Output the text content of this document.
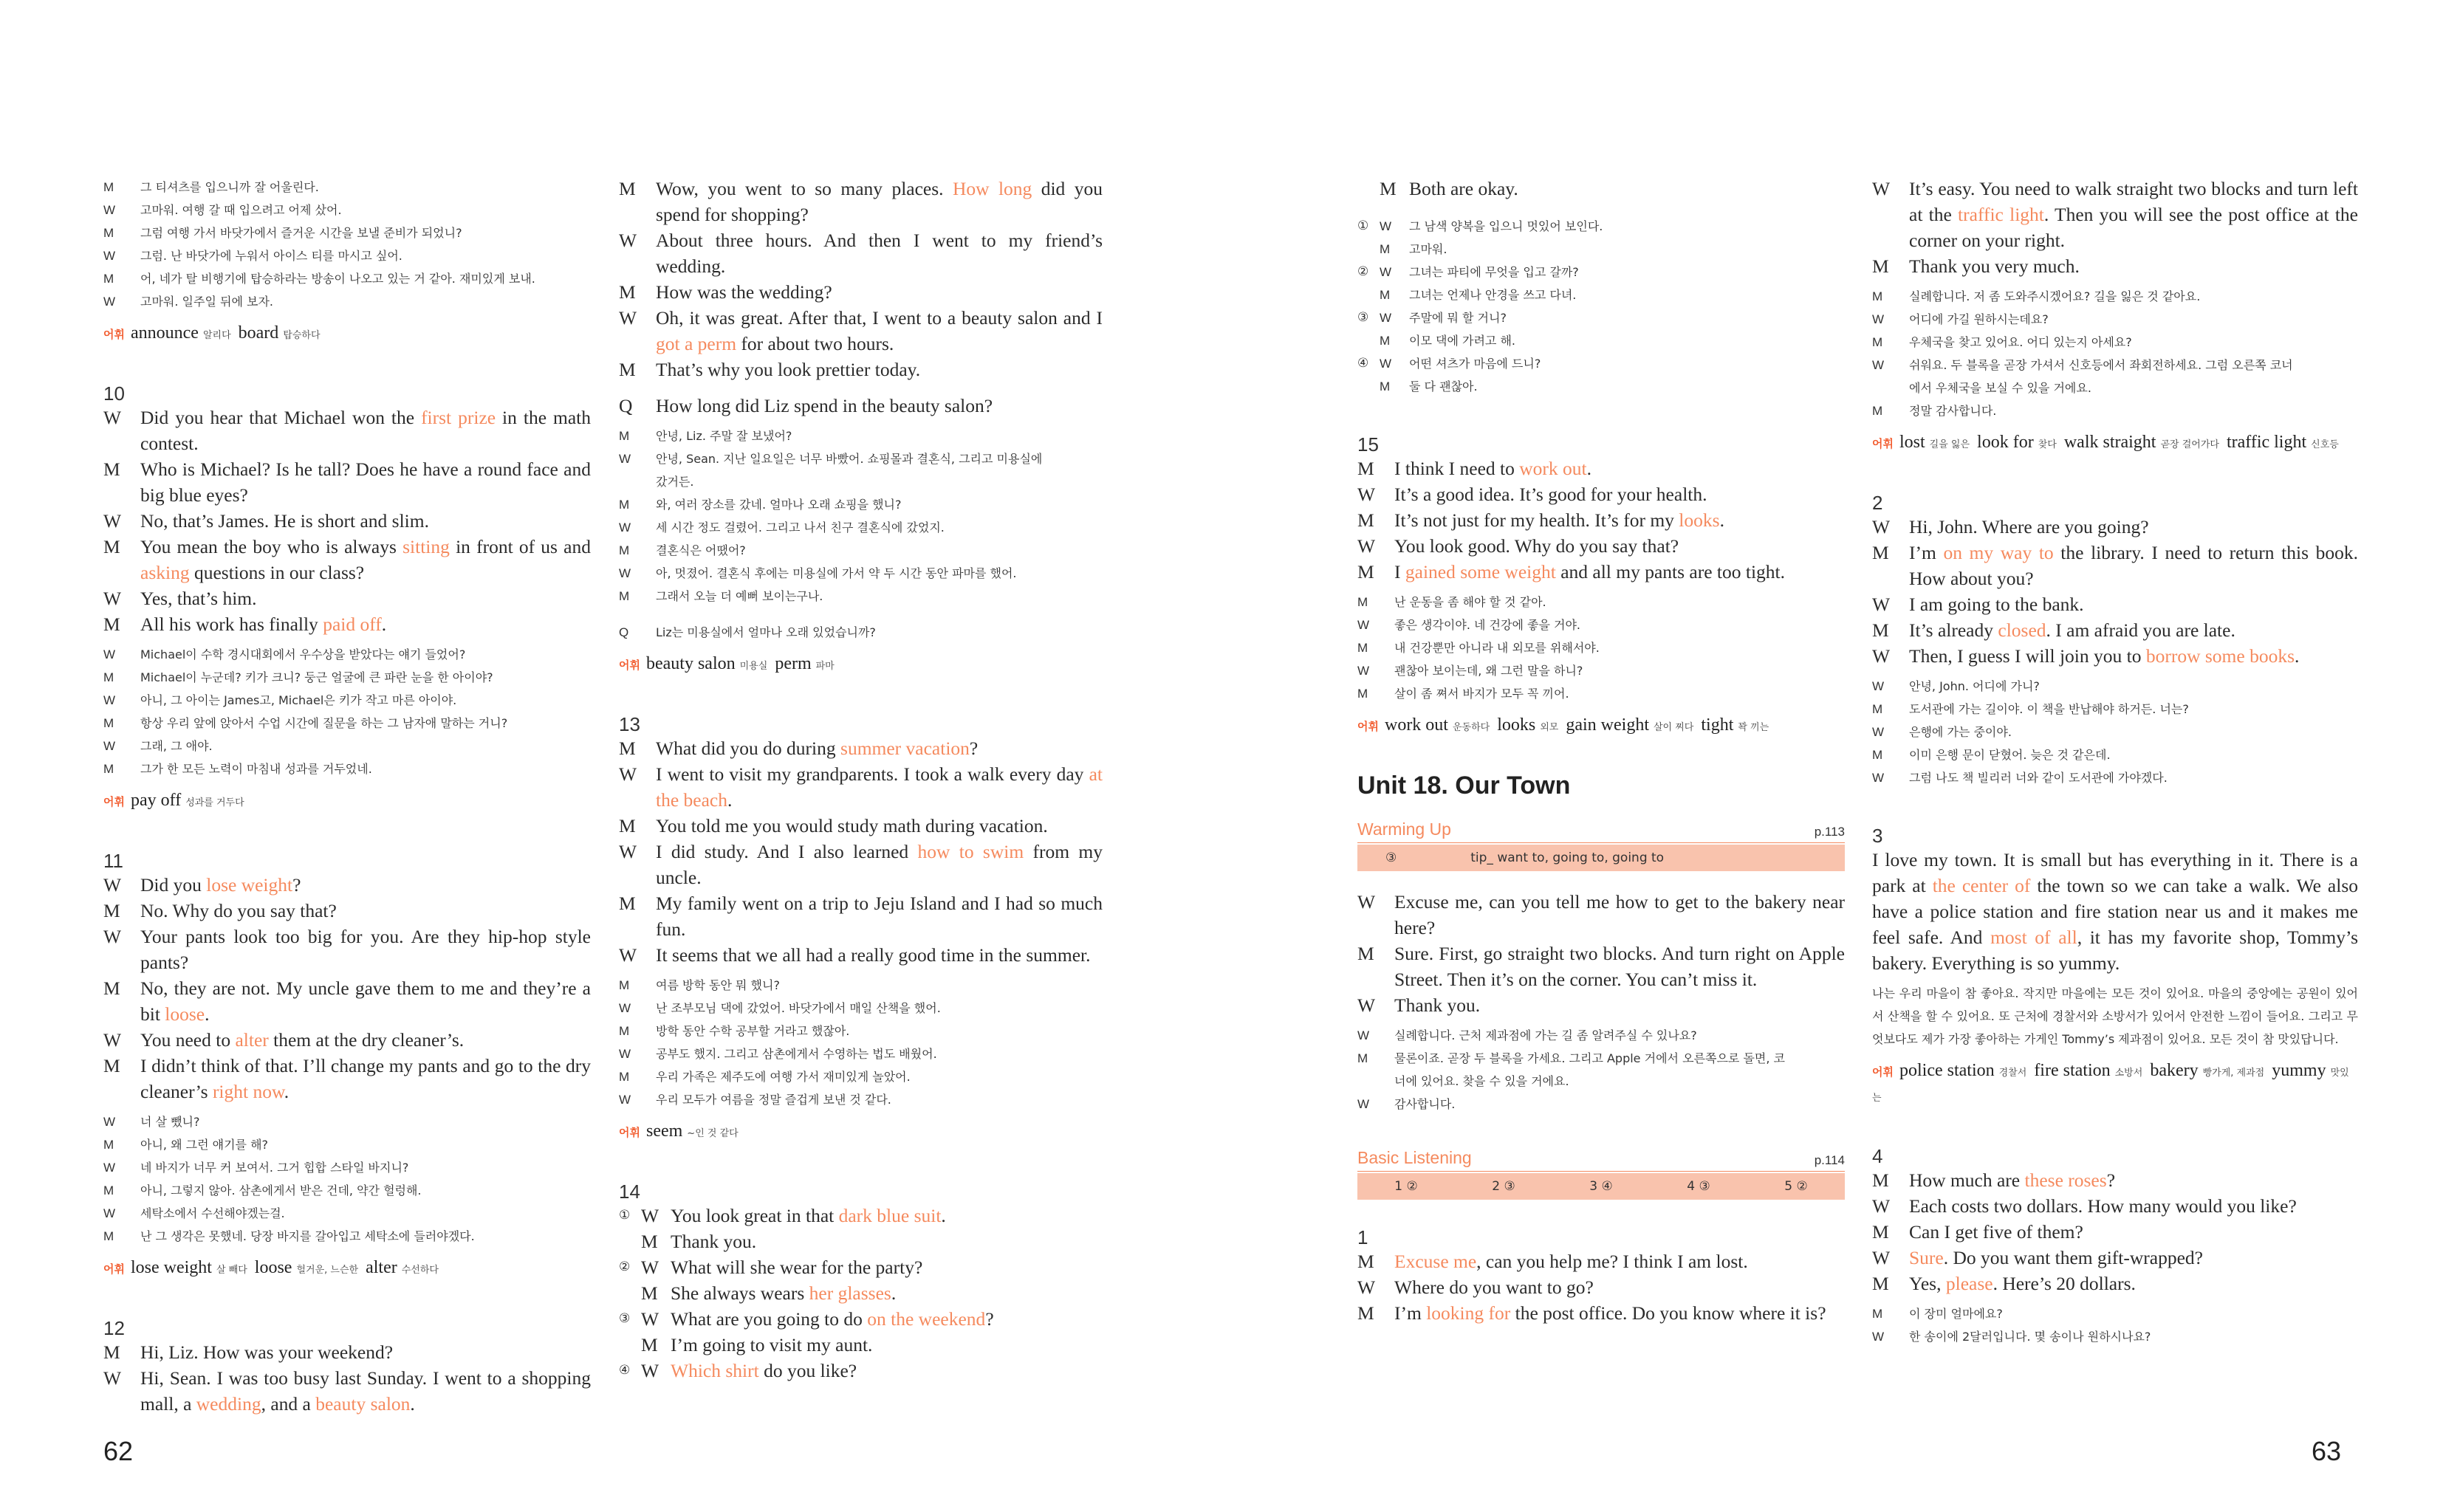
M	그 티셔츠를 입으니까 잘 어울린다.
W	고마워. 여행 갈 때 입으려고 어제 샀어.
M	그럼 여행 가서 바닷가에서 즐거운 시간을 보낼 준비가 되었니?
W	그럼. 난 바닷가에 누워서 아이스 티를 마시고 싶어.
M	어, 네가 탈 비행기에 탑승하라는 방송이 나오고 있는 거 같아. 재미있게 보내.
W	고마워. 일주일 뒤에 보자.
어휘 announce 알리다 board 탑승하다
10
W	Did you hear that Michael won the first prize in the math contest.
M	Who is Michael? Is he tall? Does he have a round face and big blue eyes?
W	No, that’s James. He is short and slim.
M	You mean the boy who is always sitting in front of us and asking questions in our class?
W	Yes, that’s him.
M	All his work has finally paid off.
W	Michael이 수학 경시대회에서 우수상을 받았다는 얘기 들었어?
M	Michael이 누군데? 키가 크니? 둥근 얼굴에 큰 파란 눈을 한 아이야?
W	아니, 그 아이는 James고, Michael은 키가 작고 마른 아이야.
M	항상 우리 앞에 앉아서 수업 시간에 질문을 하는 그 남자애 말하는 거니?
W	그래, 그 애야.
M	그가 한 모든 노력이 마침내 성과를 거두었네.
어휘 pay off 성과를 거두다
11
W	Did you lose weight?
M	No. Why do you say that?
W	Your pants look too big for you. Are they hip-hop style pants?
M	No, they are not. My uncle gave them to me and they’re a bit loose.
W	You need to alter them at the dry cleaner’s.
M	I didn’t think of that. I’ll change my pants and go to the dry cleaner’s right now.
W	너 살 뺐니?
M	아니, 왜 그런 얘기를 해?
W	네 바지가 너무 커 보여서. 그거 힙합 스타일 바지니?
M	아니, 그렇지 않아. 삼촌에게서 받은 건데, 약간 헐렁해.
W	세탁소에서 수선해야겠는걸.
M	난 그 생각은 못했네. 당장 바지를 갈아입고 세탁소에 들러야겠다.
어휘 lose weight 살 빼다 loose 헐거운, 느슨한 alter 수선하다
12
M	Hi, Liz. How was your weekend?
W	Hi, Sean. I was too busy last Sunday. I went to a shopping mall, a wedding, and a beauty salon.
M	Wow, you went to so many places. How long did you spend for shopping?
W	About three hours. And then I went to my friend’s wedding.
M	How was the wedding?
W	Oh, it was great. After that, I went to a beauty salon and I got a perm for about two hours.
M	That’s why you look prettier today.
Q	How long did Liz spend in the beauty salon?
M	안녕, Liz. 주말 잘 보냈어?
W	안녕, Sean. 지난 일요일은 너무 바빴어. 쇼핑몰과 결혼식, 그리고 미용실에
갔거든.
M	와, 여러 장소를 갔네. 얼마나 오래 쇼핑을 했니?
W	세 시간 정도 걸렸어. 그리고 나서 친구 결혼식에 갔었지.
M	결혼식은 어땠어?
W	아, 멋졌어. 결혼식 후에는 미용실에 가서 약 두 시간 동안 파마를 했어.
M	그래서 오늘 더 예뻐 보이는구나.
Q	Liz는 미용실에서 얼마나 오래 있었습니까?
어휘 beauty salon 미용실 perm 파마
13
M	What did you do during summer vacation?
W	I went to visit my grandparents. I took a walk every day at the beach.
M	You told me you would study math during vacation.
W	I did study. And I also learned how to swim from my uncle.
M	My family went on a trip to Jeju Island and I had so much fun.
W	It seems that we all had a really good time in the summer.
M	여름 방학 동안 뭐 했니?
W	난 조부모님 댁에 갔었어. 바닷가에서 매일 산책을 했어.
M	방학 동안 수학 공부할 거라고 했잖아.
W	공부도 했지. 그리고 삼촌에게서 수영하는 법도 배웠어.
M	우리 가족은 제주도에 여행 가서 재미있게 놀았어.
W	우리 모두가 여름을 정말 즐겁게 보낸 것 같다.
어휘 seem ~인 것 같다
14
① W You look great in that dark blue suit.
M Thank you.
② W What will she wear for the party?
M She always wears her glasses.
③ W What are you going to do on the weekend?
M I’m going to visit my aunt.
④ W Which shirt do you like?
M Both are okay.
① W	그 남색 양복을 입으니 멋있어 보인다.
M	고마워.
② W	그녀는 파티에 무엇을 입고 갈까?
M	그녀는 언제나 안경을 쓰고 다녀.
③ W	주말에 뭐 할 거니?
M	이모 댁에 가려고 해.
④ W	어떤 셔츠가 마음에 드니?
M	둘 다 괜찮아.
15
M	I think I need to work out.
W	It’s a good idea. It’s good for your health.
M	It’s not just for my health. It’s for my looks.
W	You look good. Why do you say that?
M	I gained some weight and all my pants are too tight.
M	난 운동을 좀 해야 할 것 같아.
W	좋은 생각이야. 네 건강에 좋을 거야.
M	내 건강뿐만 아니라 내 외모를 위해서야.
W	괜찮아 보이는데, 왜 그런 말을 하니?
M	살이 좀 쪄서 바지가 모두 꼭 끼어.
어휘 work out 운동하다 looks 외모 gain weight 살이 찌다 tight 꽉 끼는
Unit 18. Our Town
Warming Up	p.113
③	tip_ want to, going to, going to
W	Excuse me, can you tell me how to get to the bakery near here?
M	Sure. First, go straight two blocks. And turn right on Apple Street. Then it’s on the corner. You can’t miss it.
W	Thank you.
W	실례합니다. 근처 제과점에 가는 길 좀 알려주실 수 있나요?
M	물론이죠. 곧장 두 블록을 가세요. 그리고 Apple 거에서 오른쪽으로 돌면, 코
너에 있어요. 찾을 수 있을 거에요.
W	감사합니다.
Basic Listening	p.114
1 ②	2 ③	3 ④	4 ③	5 ②
1
M	Excuse me, can you help me? I think I am lost.
W	Where do you want to go?
M	I’m looking for the post office. Do you know where it is?
W	It’s easy. You need to walk straight two blocks and turn left at the traffic light. Then you will see the post office at the corner on your right.
M	Thank you very much.
M	실례합니다. 저 좀 도와주시겠어요? 길을 잃은 것 같아요.
W	어디에 가길 원하시는데요?
M	우체국을 찾고 있어요. 어디 있는지 아세요?
W	쉬워요. 두 블록을 곧장 가셔서 신호등에서 좌회전하세요. 그럼 오른쪽 코너
에서 우체국을 보실 수 있을 거에요.
M	정말 감사합니다.
어휘 lost 길을 잃은 look for 찾다 walk straight 곧장 걸어가다 traffic light 신호등
2
W	Hi, John. Where are you going?
M	I’m on my way to the library. I need to return this book. How about you?
W	I am going to the bank.
M	It’s already closed. I am afraid you are late.
W	Then, I guess I will join you to borrow some books.
W	안녕, John. 어디에 가니?
M	도서관에 가는 길이야. 이 책을 반납해야 하거든. 너는?
W	은행에 가는 중이야.
M	이미 은행 문이 닫혔어. 늦은 것 같은데.
W	그럼 나도 책 빌리러 너와 같이 도서관에 가야겠다.
3
I love my town. It is small but has everything in it. There is a park at the center of the town so we can take a walk. We also have a police station and fire station near us and it makes me feel safe. And most of all, it has my favorite shop, Tommy’s bakery. Everything is so yummy.
나는 우리 마을이 참 좋아요. 작지만 마을에는 모든 것이 있어요. 마을의 중앙에는 공원이 있어서 산책을 할 수 있어요. 또 근처에 경찰서와 소방서가 있어서 안전한 느낌이 들어요. 그리고 무엇보다도 제가 가장 좋아하는 가게인 Tommy’s 제과점이 있어요. 모든 것이 참 맛있답니다.
어휘 police station 경찰서 fire station 소방서 bakery 빵가게, 제과점 yummy 맛있는
4
M	How much are these roses?
W	Each costs two dollars. How many would you like?
M	Can I get five of them?
W	Sure. Do you want them gift-wrapped?
M	Yes, please. Here’s 20 dollars.
M	이 장미 얼마에요?
W	한 송이에 2달러입니다. 몇 송이나 원하시나요?
62	63
